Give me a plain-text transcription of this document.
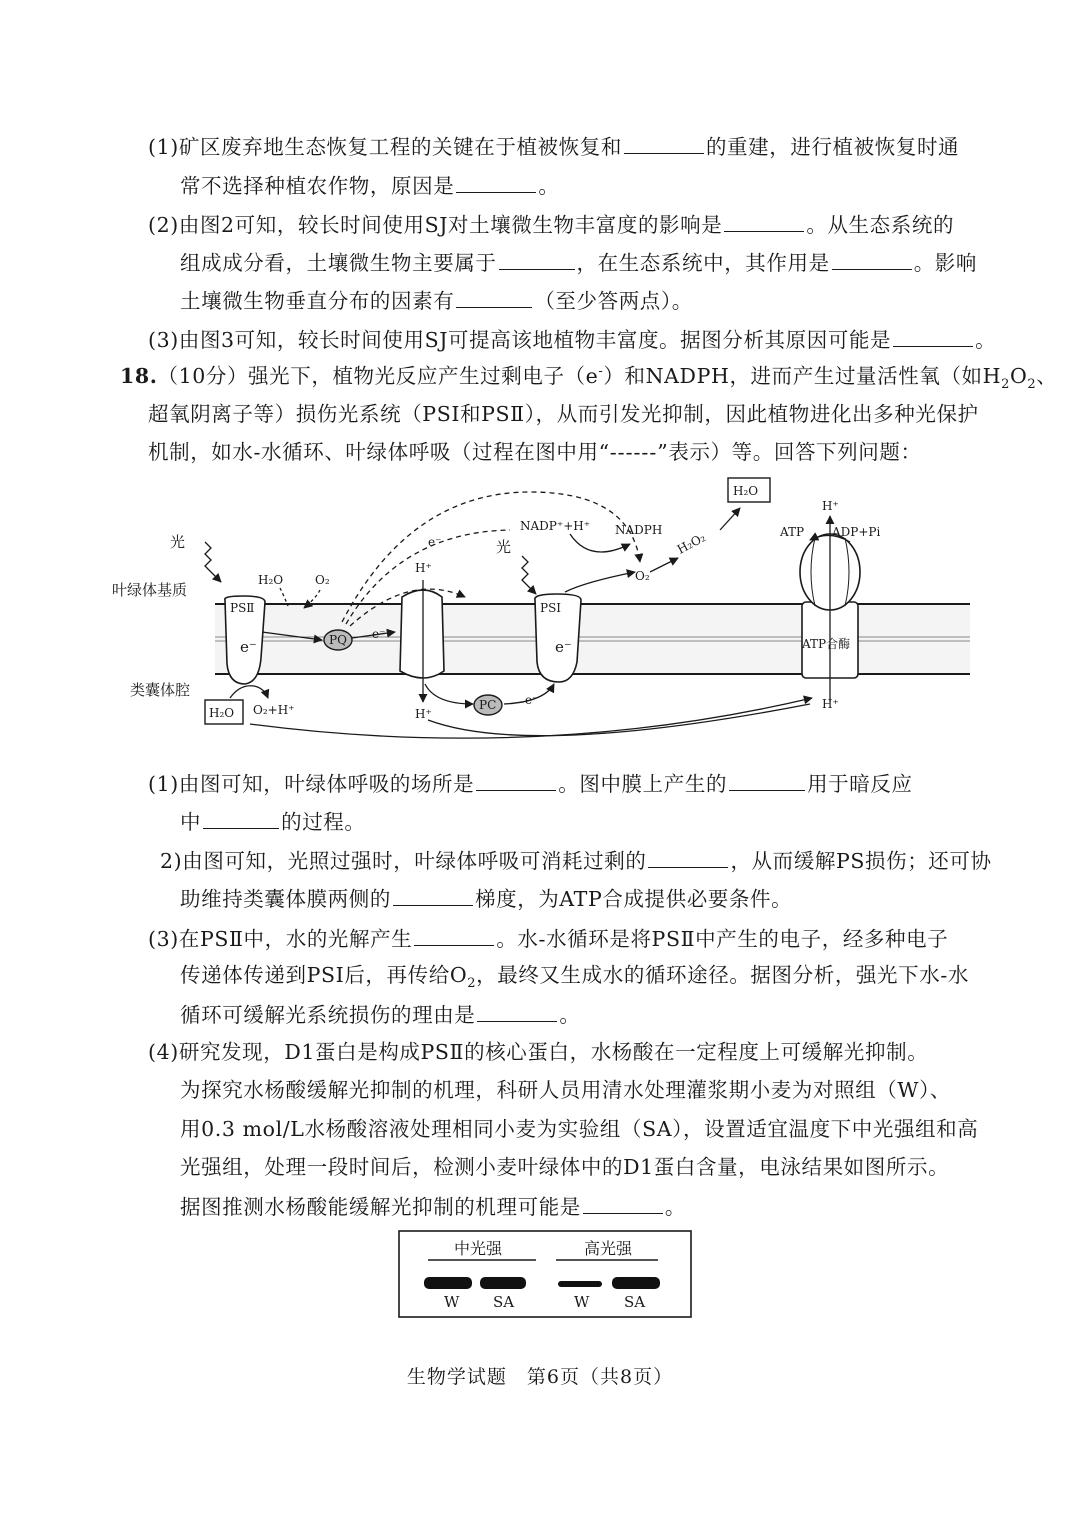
(1)矿区废弃地生态恢复工程的关键在于植被恢复和	的重建，进行植被恢复时通
常不选择种植农作物，原因是	。
(2)由图2可知，较长时间使用SJ对土壤微生物丰富度的影响是	。从生态系统的
组成成分看，土壤微生物主要属于	，在生态系统中，其作用是	。影响
土壤微生物垂直分布的因素有	（至少答两点）。
(3)由图3可知，较长时间使用SJ可提高该地植物丰富度。据图分析其原因可能是	。
18.（10分）强光下，植物光反应产生过剩电子（e-）和NADPH，进而产生过量活性氧（如$H_2O_2$、
超氧阴离子等）损伤光系统（PSⅠ和PSⅡ），从而引发光抑制，因此植物进化出多种光保护
机制，如水-水循环、叶绿体呼吸（过程在图中用“------”表示）等。回答下列问题：
光
叶绿体基质
类囊体腔
PSⅡ
e⁻
H₂O	O₂
H₂O O₂+H⁺
PQ e⁻
H⁺
H⁺
e⁻
PC e⁻
PSⅠ
e⁻
光
NADP⁺+H⁺ NADPH
O₂
H₂O₂
H₂O
ATP合酶
H⁺
H⁺
ATP ADP+Pi
(1)由图可知，叶绿体呼吸的场所是	。图中膜上产生的	用于暗反应
中	的过程。
2)由图可知，光照过强时，叶绿体呼吸可消耗过剩的	，从而缓解PS损伤；还可协
助维持类囊体膜两侧的	梯度，为ATP合成提供必要条件。
(3)在PSⅡ中，水的光解产生	。水-水循环是将PSⅡ中产生的电子，经多种电子
传递体传递到PSⅠ后，再传给$O_2$，最终又生成水的循环途径。据图分析，强光下水-水
循环可缓解光系统损伤的理由是	。
(4)研究发现，D1蛋白是构成PSⅡ的核心蛋白，水杨酸在一定程度上可缓解光抑制。
为探究水杨酸缓解光抑制的机理，科研人员用清水处理灌浆期小麦为对照组（W）、
用0.3 mol/L水杨酸溶液处理相同小麦为实验组（SA），设置适宜温度下中光强组和高
光强组，处理一段时间后，检测小麦叶绿体中的D1蛋白含量，电泳结果如图所示。
据图推测水杨酸能缓解光抑制的机理可能是	。
中光强	高光强
W SA	W SA
生物学试题　第6页（共8页）
